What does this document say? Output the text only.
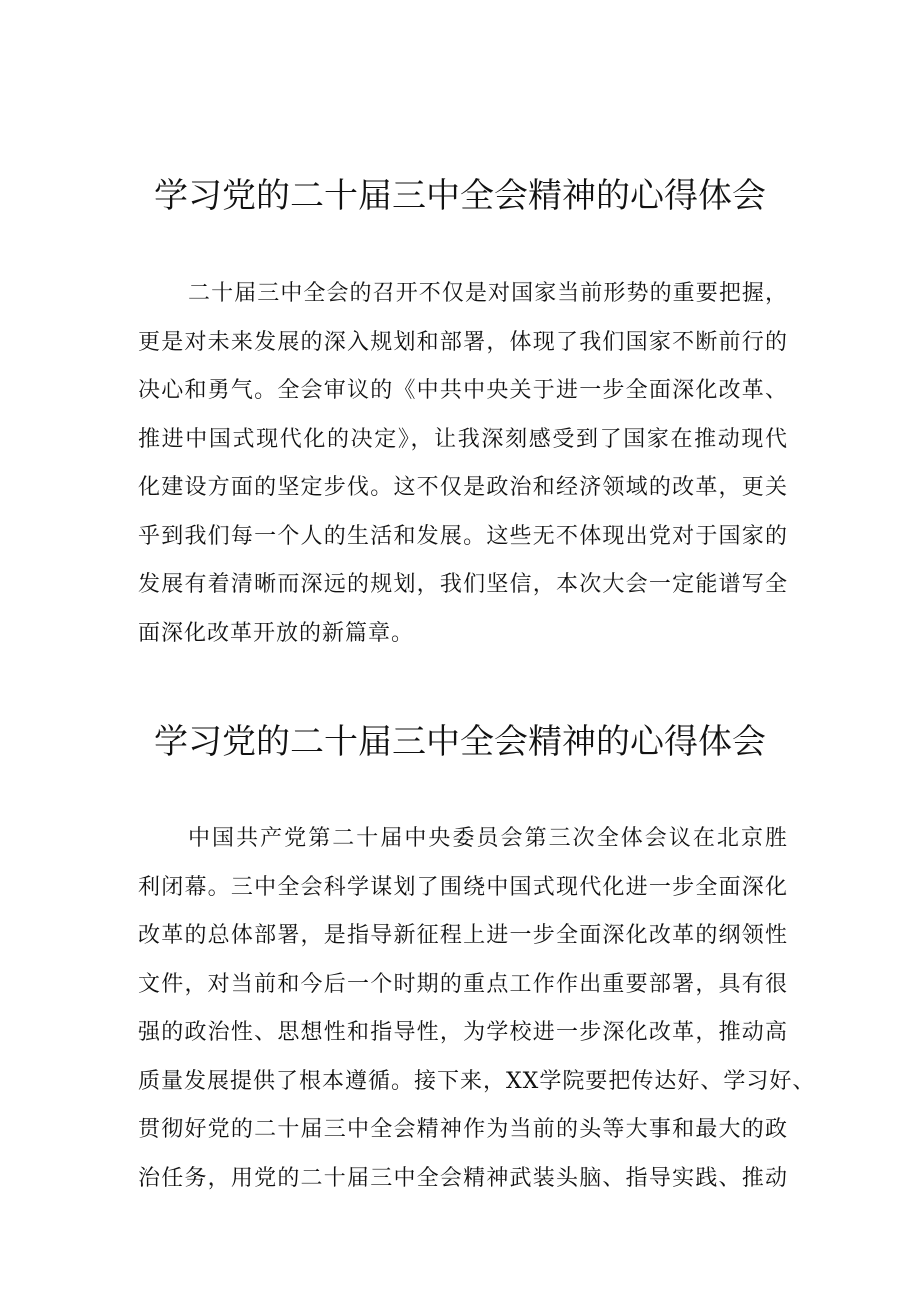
学习党的二十届三中全会精神的心得体会
二十届三中全会的召开不仅是对国家当前形势的重要把握，
更是对未来发展的深入规划和部署，体现了我们国家不断前行的
决心和勇气。全会审议的《中共中央关于进一步全面深化改革、
推进中国式现代化的决定》，让我深刻感受到了国家在推动现代
化建设方面的坚定步伐。这不仅是政治和经济领域的改革，更关
乎到我们每一个人的生活和发展。这些无不体现出党对于国家的
发展有着清晰而深远的规划，我们坚信，本次大会一定能谱写全
面深化改革开放的新篇章。
学习党的二十届三中全会精神的心得体会
中国共产党第二十届中央委员会第三次全体会议在北京胜
利闭幕。三中全会科学谋划了围绕中国式现代化进一步全面深化
改革的总体部署，是指导新征程上进一步全面深化改革的纲领性
文件，对当前和今后一个时期的重点工作作出重要部署，具有很
强的政治性、思想性和指导性，为学校进一步深化改革，推动高
质量发展提供了根本遵循。接下来，XX学院要把传达好、学习好、
贯彻好党的二十届三中全会精神作为当前的头等大事和最大的政
治任务，用党的二十届三中全会精神武装头脑、指导实践、推动
